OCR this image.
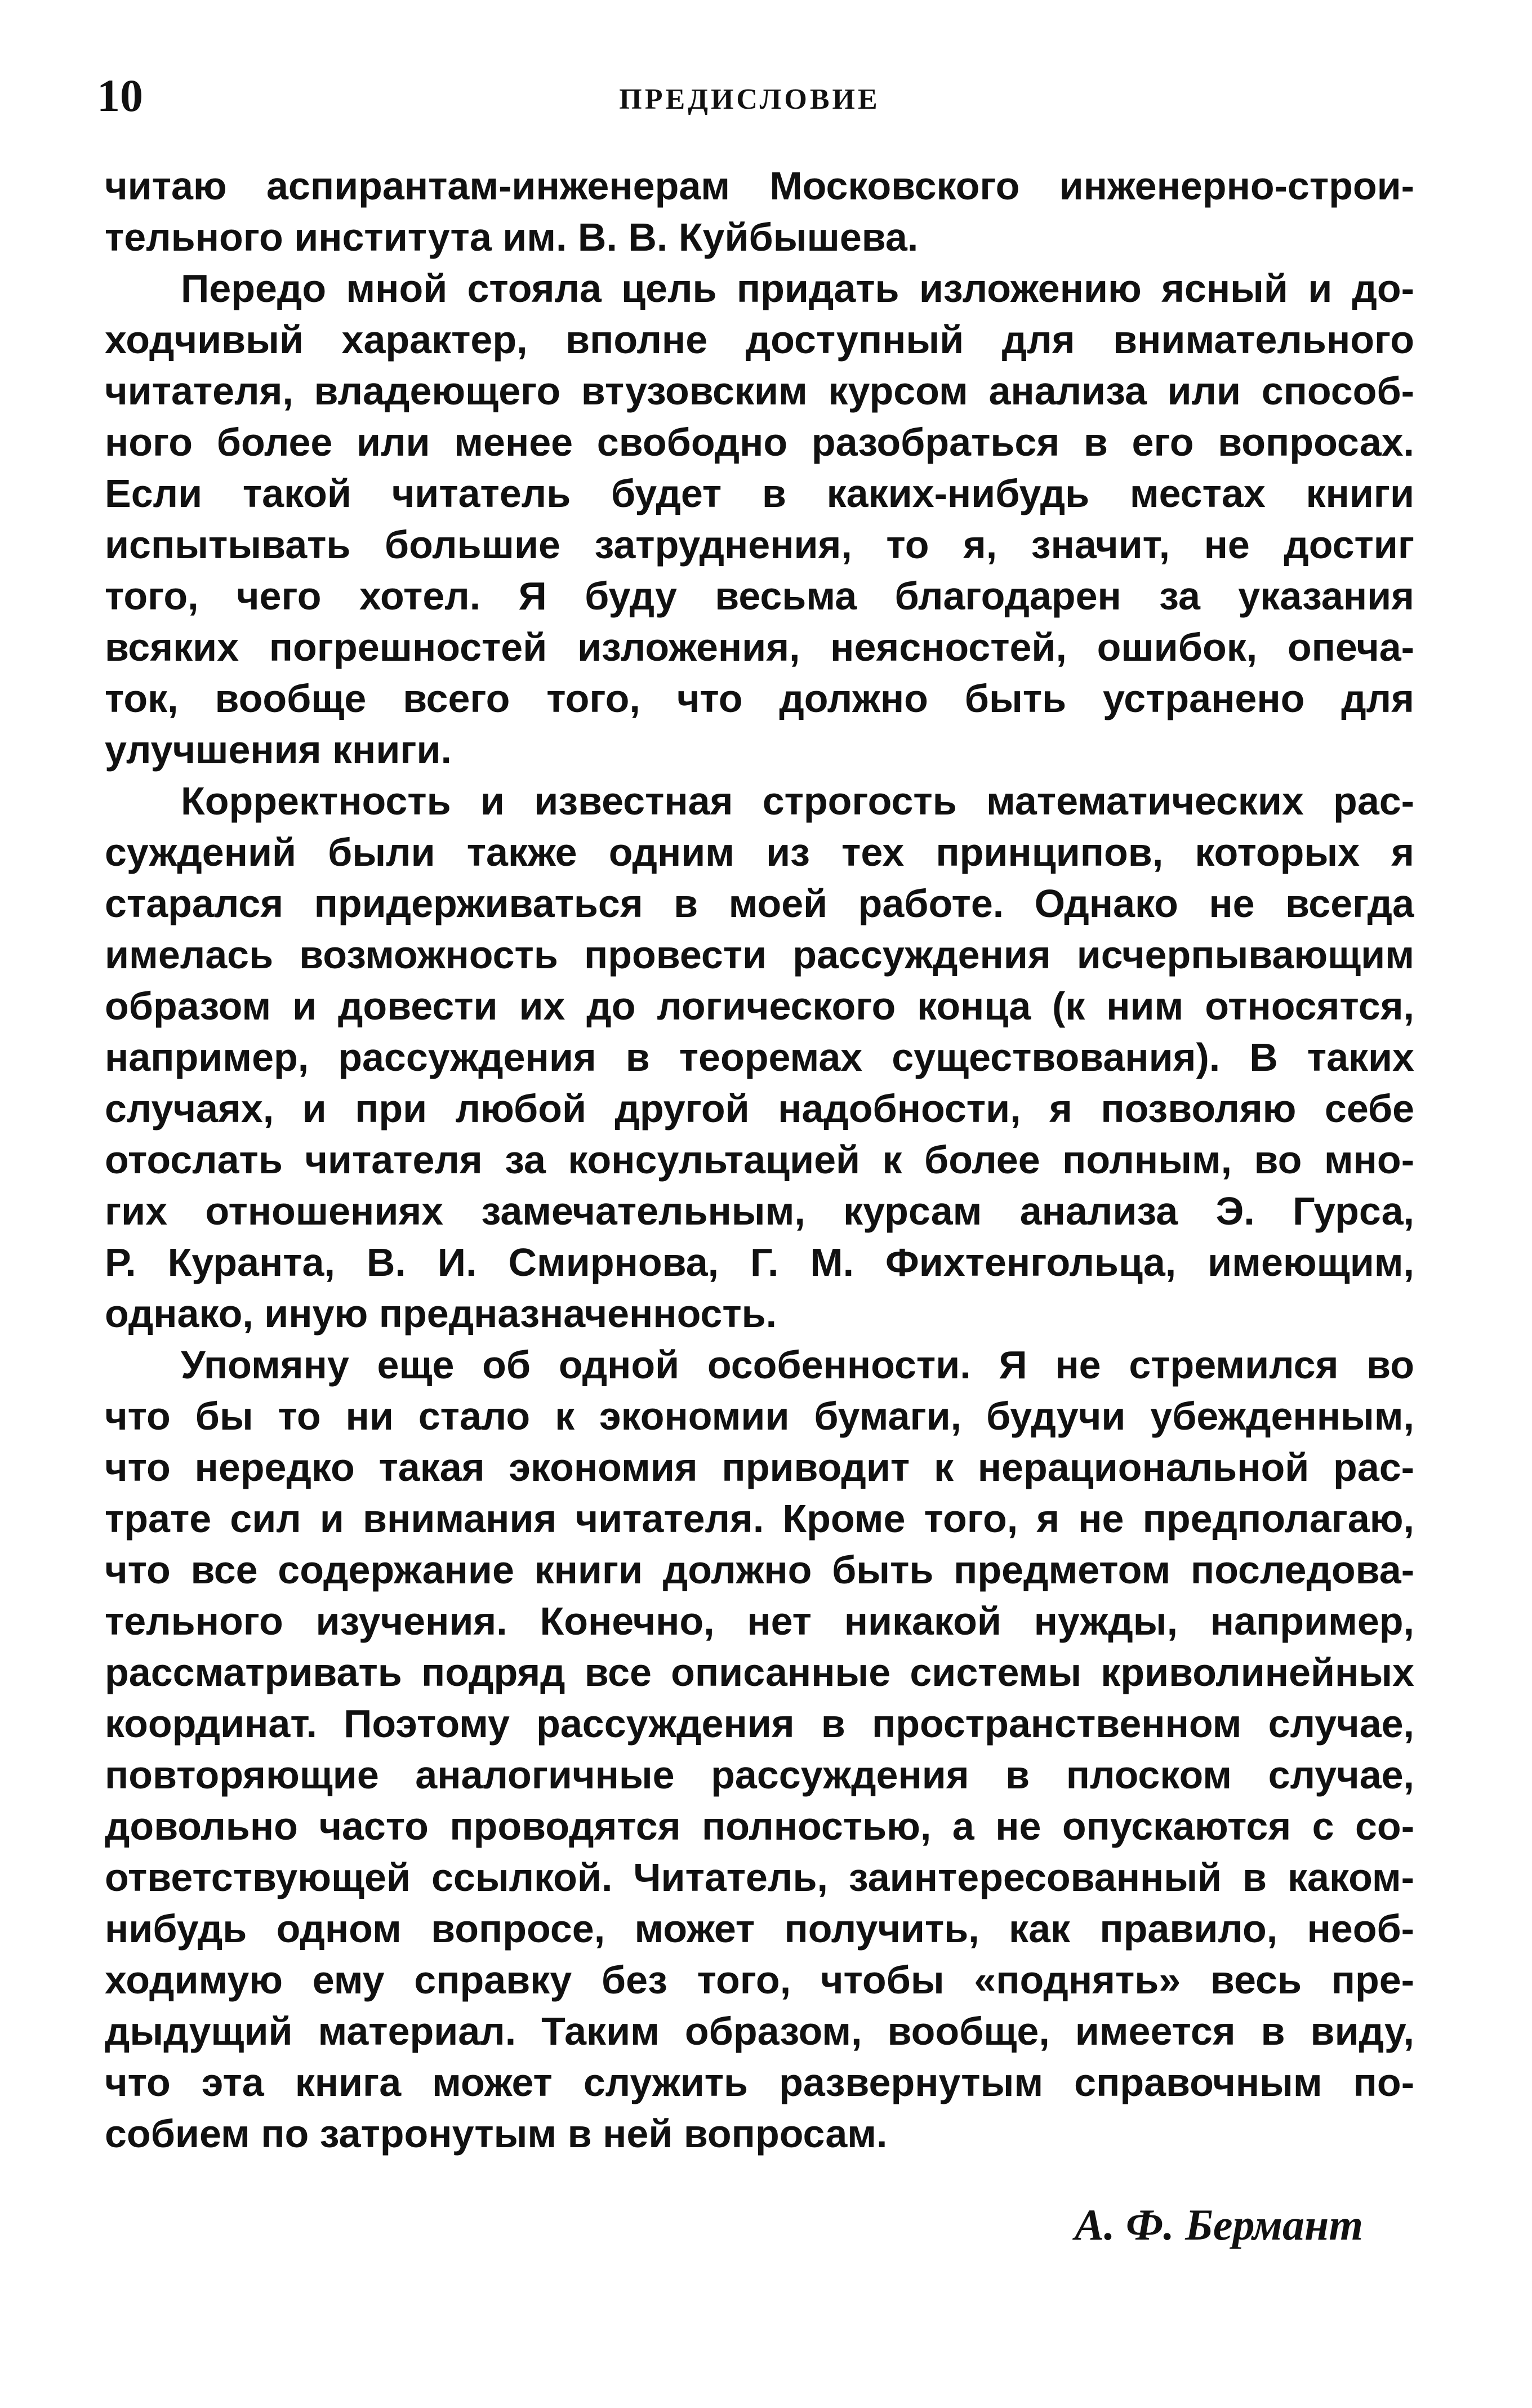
10	ПРЕДИСЛОВИЕ

читаю аспирантам-инженерам Московского инженерно-строи-
тельного института им. В. В. Куйбышева.

Передо мной стояла цель придать изложению ясный и до-
ходчивый характер, вполне доступный для внимательного
читателя, владеющего втузовским курсом анализа или способ-
ного более или менее свободно разобраться в его вопросах.
Если такой читатель будет в каких-нибудь местах книги
испытывать большие затруднения, то я, значит, не достиг
того, чего хотел. Я буду весьма благодарен за указания
всяких погрешностей изложения, неясностей, ошибок, опеча-
ток, вообще всего того, что должно быть устранено для
улучшения книги.

Корректность и известная строгость математических рас-
суждений были также одним из тех принципов, которых я
старался придерживаться в моей работе. Однако не всегда
имелась возможность провести рассуждения исчерпывающим
образом и довести их до логического конца (к ним относятся,
например, рассуждения в теоремах существования). В таких
случаях, и при любой другой надобности, я позволяю себе
отослать читателя за консультацией к более полным, во мно-
гих отношениях замечательным, курсам анализа Э. Гурса,
Р. Куранта, В. И. Смирнова, Г. М. Фихтенгольца, имеющим,
однако, иную предназначенность.

Упомяну еще об одной особенности. Я не стремился во
что бы то ни стало к экономии бумаги, будучи убежденным,
что нередко такая экономия приводит к нерациональной рас-
трате сил и внимания читателя. Кроме того, я не предполагаю,
что все содержание книги должно быть предметом последова-
тельного изучения. Конечно, нет никакой нужды, например,
рассматривать подряд все описанные системы криволинейных
координат. Поэтому рассуждения в пространственном случае,
повторяющие аналогичные рассуждения в плоском случае,
довольно часто проводятся полностью, а не опускаются с со-
ответствующей ссылкой. Читатель, заинтересованный в каком-
нибудь одном вопросе, может получить, как правило, необ-
ходимую ему справку без того, чтобы «поднять» весь пре-
дыдущий материал. Таким образом, вообще, имеется в виду,
что эта книга может служить развернутым справочным по-
собием по затронутым в ней вопросам.

А. Ф. Бермант
